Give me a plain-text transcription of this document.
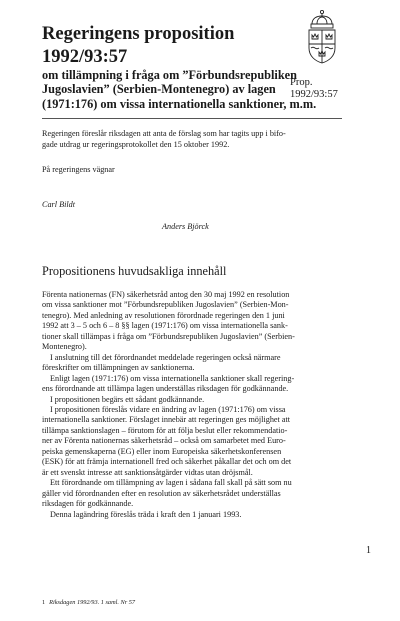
Regeringens proposition
1992/93:57
om tillämpning i fråga om ”Förbundsrepubliken
Jugoslavien” (Serbien-Montenegro) av lagen
(1971:176) om vissa internationella sanktioner, m.m.
Prop.
1992/93:57
Regeringen föreslår riksdagen att anta de förslag som har tagits upp i bifo-
gade utdrag ur regeringsprotokollet den 15 oktober 1992.
På regeringens vägnar
Carl Bildt
Anders Björck
Propositionens huvudsakliga innehåll
Förenta nationernas (FN) säkerhetsråd antog den 30 maj 1992 en resolution
om vissa sanktioner mot ”Förbundsrepubliken Jugoslavien” (Serbien-Mon-
tenegro). Med anledning av resolutionen förordnade regeringen den 1 juni
1992 att 3 – 5 och 6 – 8 §§ lagen (1971:176) om vissa internationella sank-
tioner skall tillämpas i fråga om ”Förbundsrepubliken Jugoslavien” (Serbien-
Montenegro).
I anslutning till det förordnandet meddelade regeringen också närmare
föreskrifter om tillämpningen av sanktionerna.
Enligt lagen (1971:176) om vissa internationella sanktioner skall regering-
ens förordnande att tillämpa lagen underställas riksdagen för godkännande.
I propositionen begärs ett sådant godkännande.
I propositionen föreslås vidare en ändring av lagen (1971:176) om vissa
internationella sanktioner. Förslaget innebär att regeringen ges möjlighet att
tillämpa sanktionslagen – förutom för att följa beslut eller rekommendatio-
ner av Förenta nationernas säkerhetsråd – också om samarbetet med Euro-
peiska gemenskaperna (EG) eller inom Europeiska säkerhetskonferensen
(ESK) för att främja internationell fred och säkerhet påkallar det och om det
är ett svenskt intresse att sanktionsåtgärder vidtas utan dröjsmål.
Ett förordnande om tillämpning av lagen i sådana fall skall på sätt som nu
gäller vid förordnanden efter en resolution av säkerhetsrådet underställas
riksdagen för godkännande.
Denna lagändring föreslås träda i kraft den 1 januari 1993.
1
1 Riksdagen 1992/93. 1 saml. Nr 57
